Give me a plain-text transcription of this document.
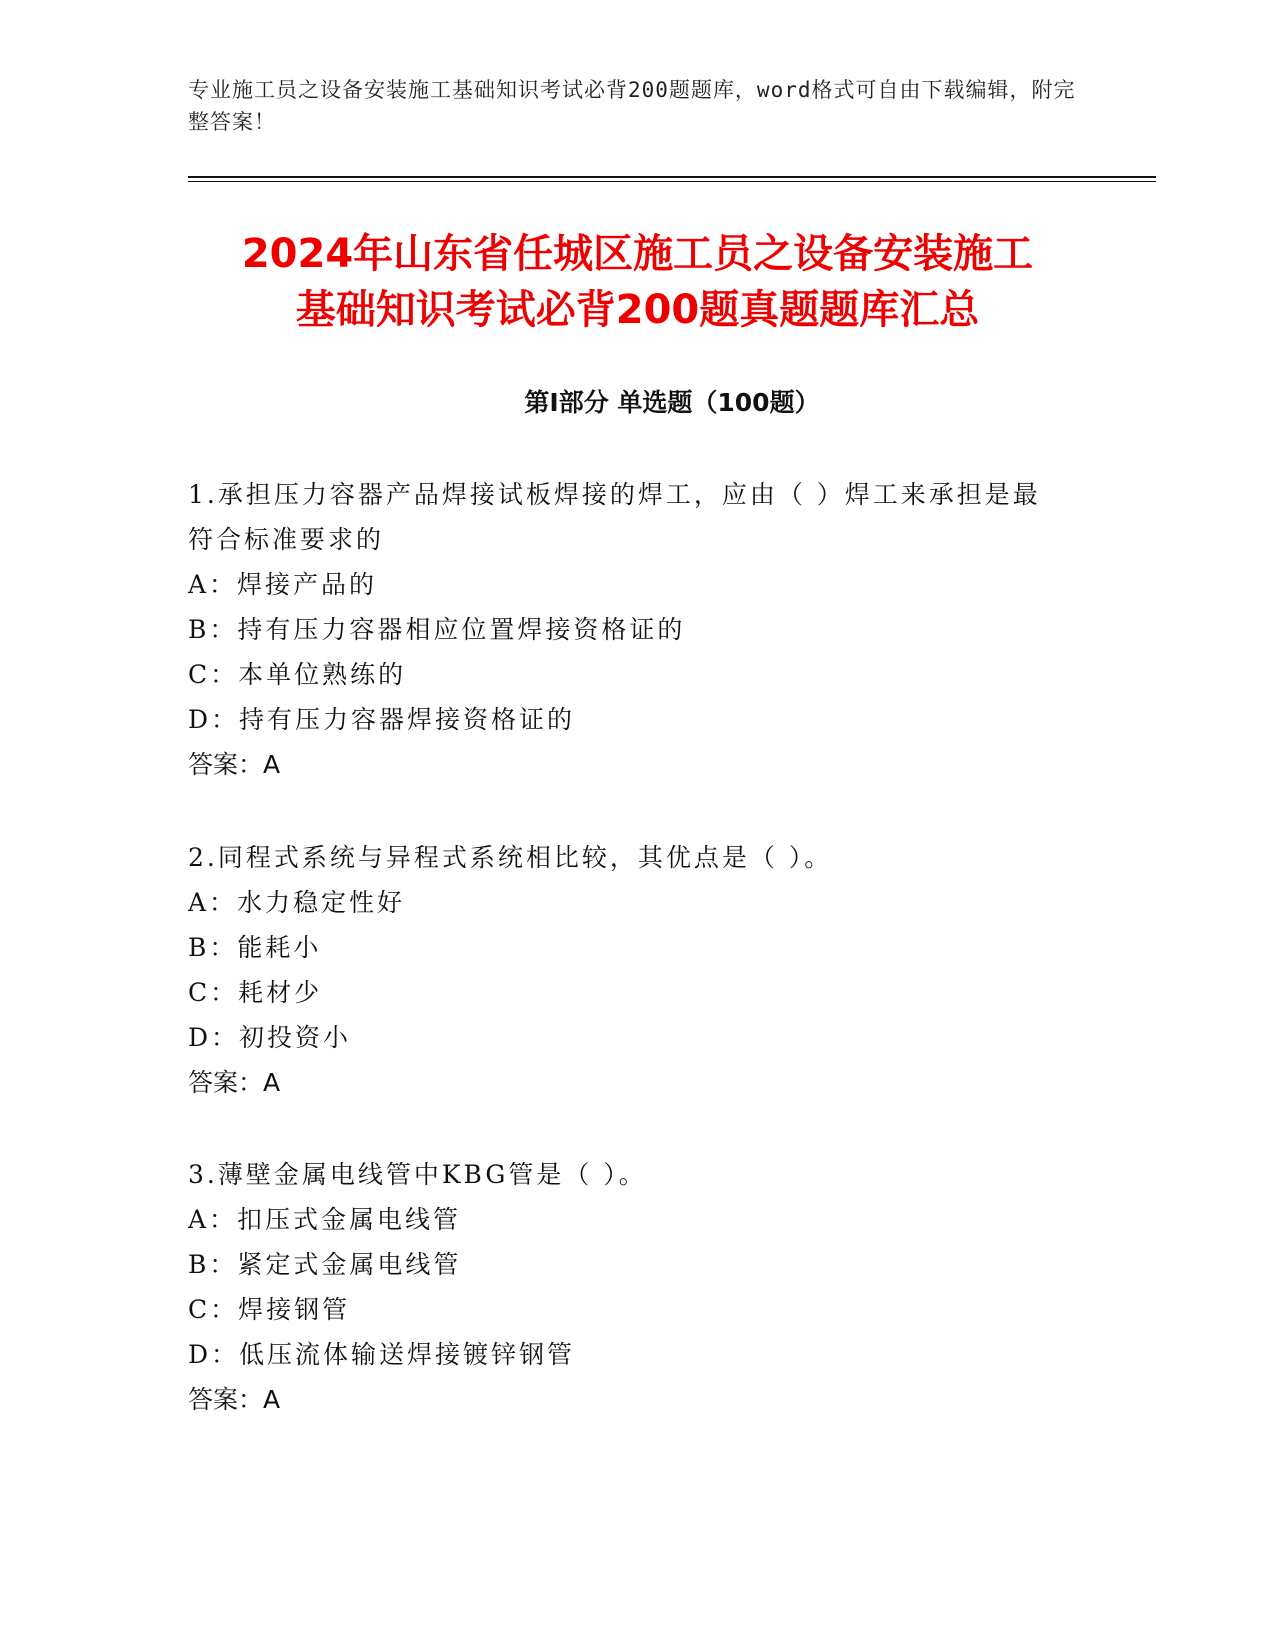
专业施工员之设备安装施工基础知识考试必背200题题库，word格式可自由下载编辑，附完整答案！
2024年山东省任城区施工员之设备安装施工
基础知识考试必背200题真题题库汇总
第I部分 单选题（100题）

1.承担压力容器产品焊接试板焊接的焊工，应由（ ）焊工来承担是最符合标准要求的

A：焊接产品的

B：持有压力容器相应位置焊接资格证的

C：本单位熟练的

D：持有压力容器焊接资格证的

答案：A

2.同程式系统与异程式系统相比较，其优点是（ ）。

A：水力稳定性好

B：能耗小

C：耗材少

D：初投资小

答案：A

3.薄壁金属电线管中KBG管是（ ）。

A：扣压式金属电线管

B：紧定式金属电线管

C：焊接钢管

D：低压流体输送焊接镀锌钢管

答案：A
